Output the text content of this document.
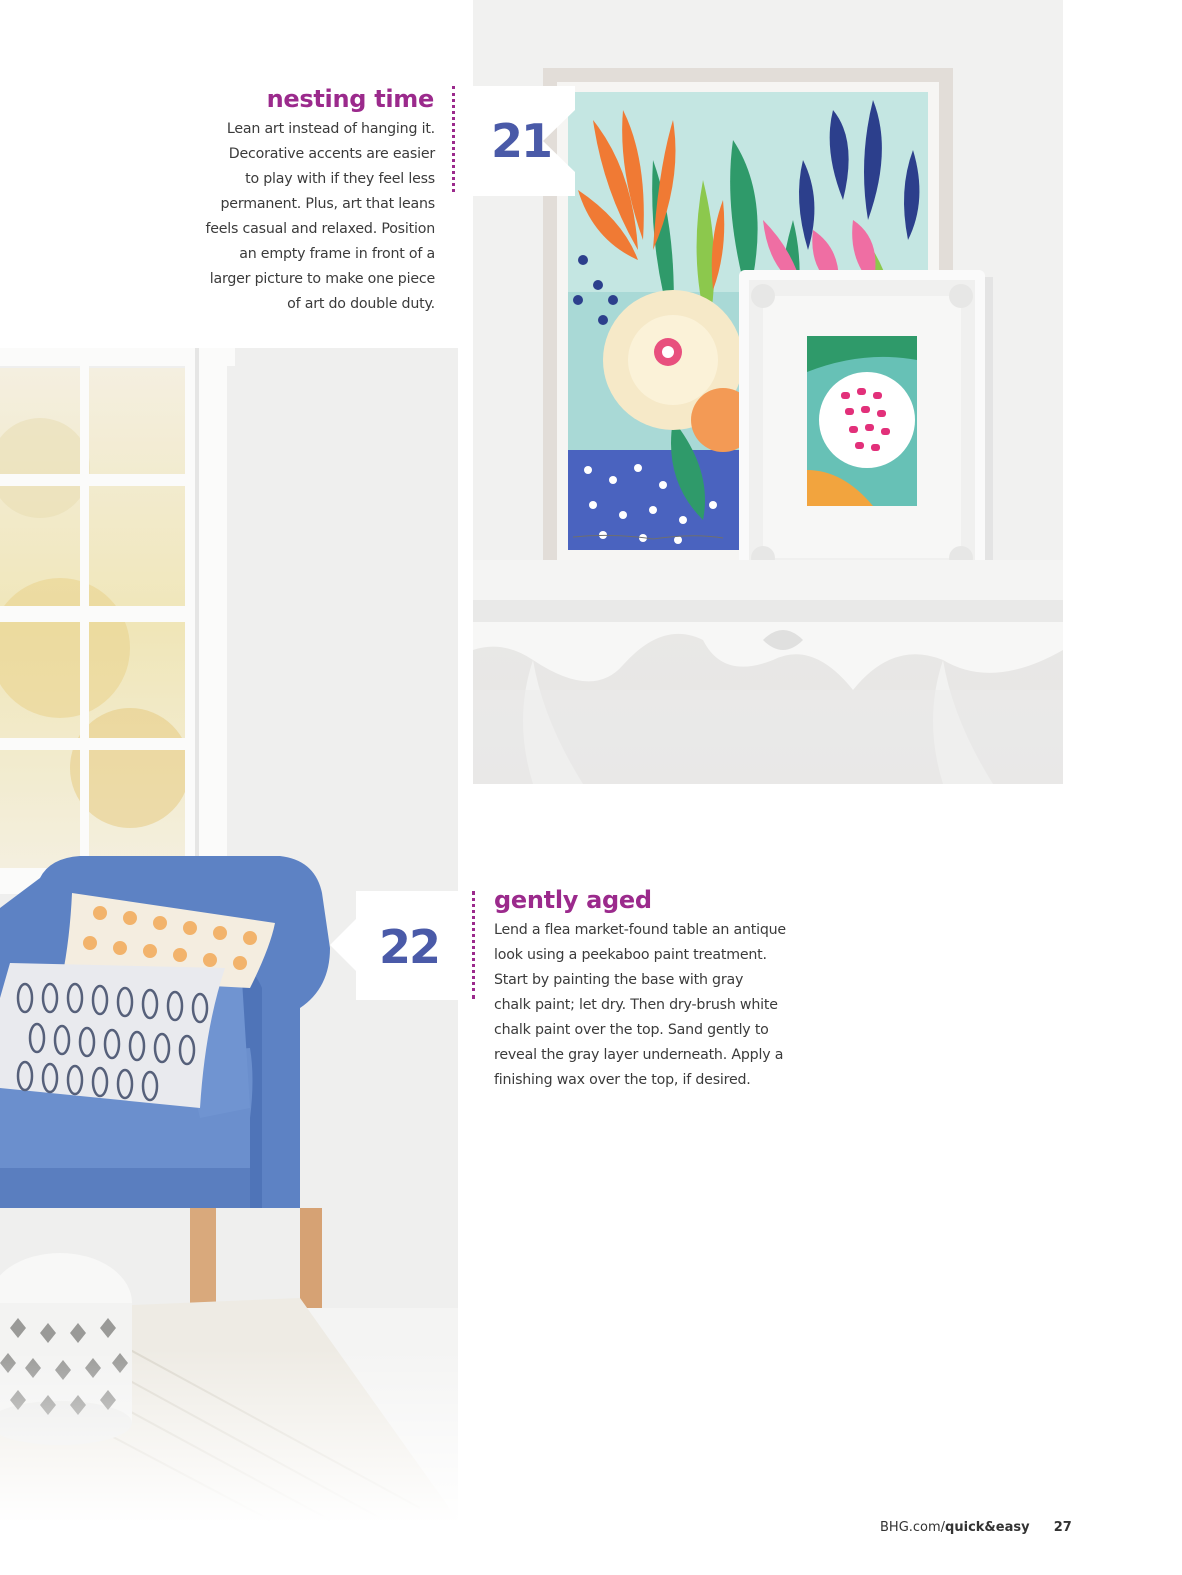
21
nesting time
Lean art instead of hanging it.
Decorative accents are easier
to play with if they feel less
permanent. Plus, art that leans
feels casual and relaxed. Position
an empty frame in front of a
larger picture to make one piece
of art do double duty.
22
gently aged
Lend a flea market-found table an antique
look using a peekaboo paint treatment.
Start by painting the base with gray
chalk paint; let dry. Then dry-brush white
chalk paint over the top. Sand gently to
reveal the gray layer underneath. Apply a
finishing wax over the top, if desired.
BHG.com/quick&easy 27
